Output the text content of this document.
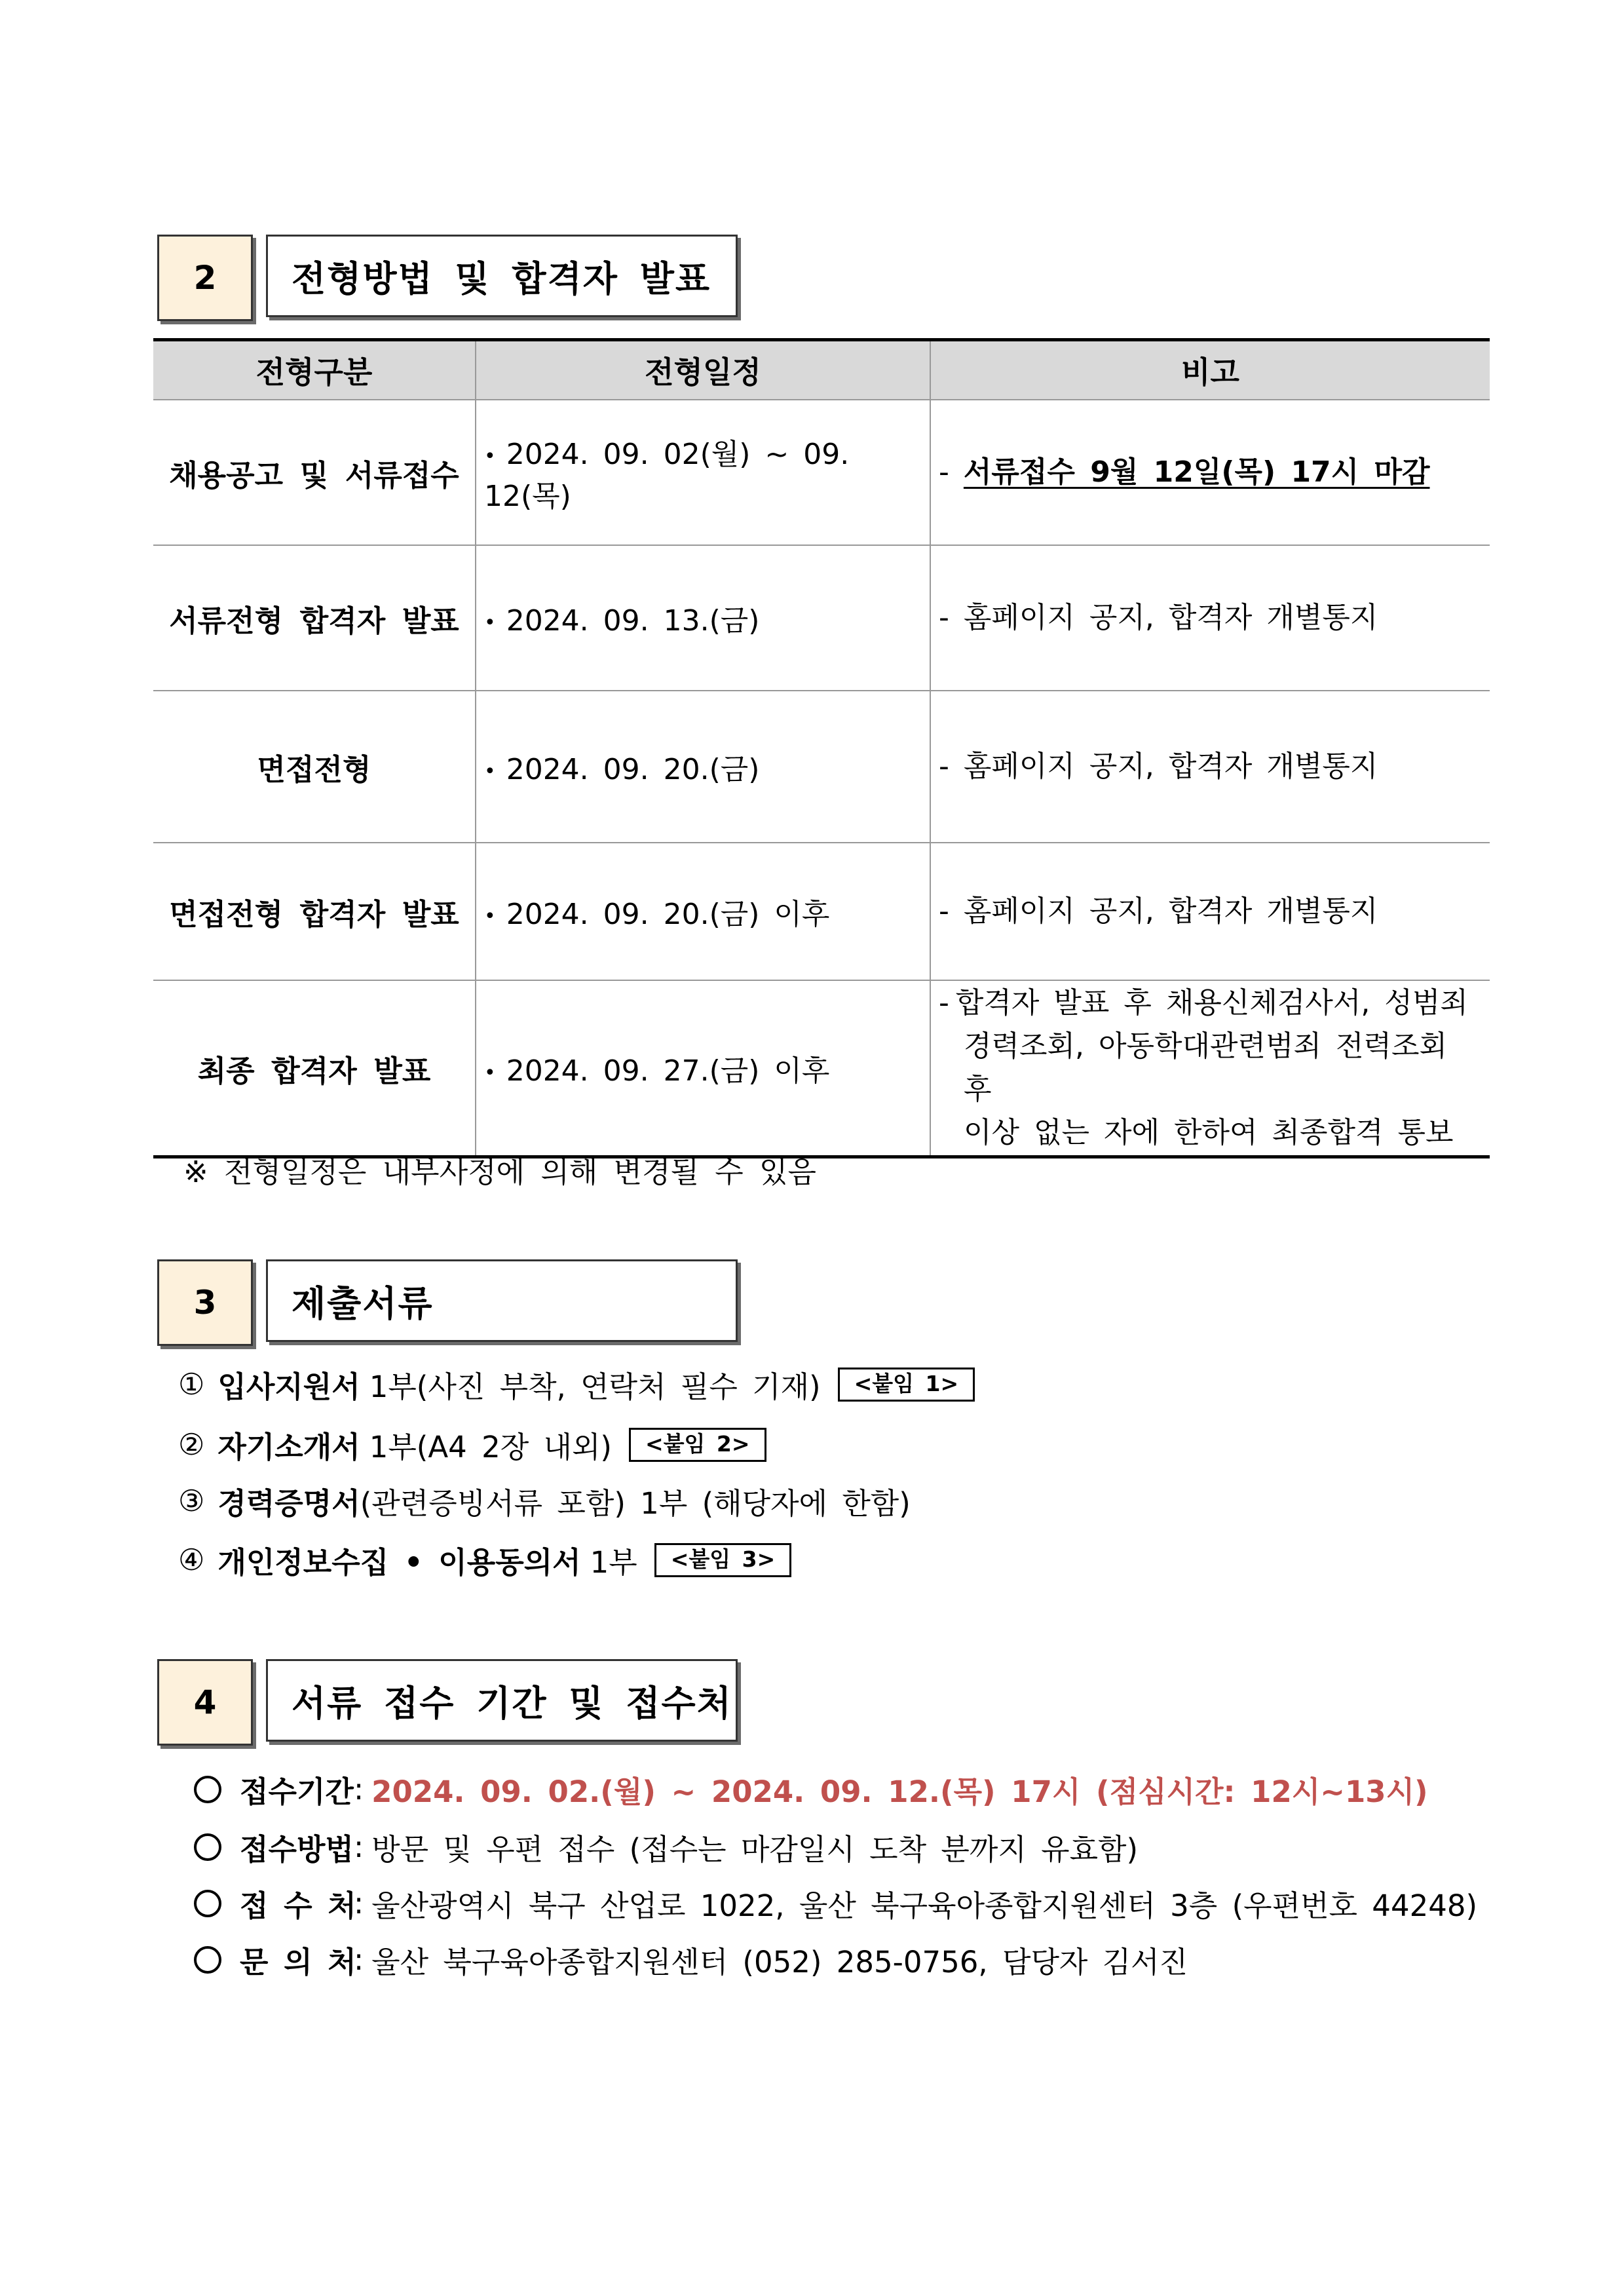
2	전형방법 및 합격자 발표
전형구분	전형일정	비고
채용공고 및 서류접수	• 2024. 09. 02(월) ~ 09. 12(목)	- 서류접수 9월 12일(목) 17시 마감
서류전형 합격자 발표	• 2024. 09. 13.(금)	- 홈페이지 공지, 합격자 개별통지
면접전형	• 2024. 09. 20.(금)	- 홈페이지 공지, 합격자 개별통지
면접전형 합격자 발표	• 2024. 09. 20.(금) 이후	- 홈페이지 공지, 합격자 개별통지
최종 합격자 발표	• 2024. 09. 27.(금) 이후	- 합격자 발표 후 채용신체검사서, 성범죄
경력조회, 아동학대관련범죄 전력조회 후
이상 없는 자에 한하여 최종합격 통보
※ 전형일정은 내부사정에 의해 변경될 수 있음
3	제출서류
① 입사지원서 1부(사진 부착, 연락처 필수 기재)	<붙임 1>
② 자기소개서 1부(A4 2장 내외)	<붙임 2>
③ 경력증명서 (관련증빙서류 포함) 1부 (해당자에 한함)
④ 개인정보수집 • 이용동의서 1부	<붙임 3>
4	서류 접수 기간 및 접수처
접수기간 : 2024. 09. 02.(월) ~ 2024. 09. 12.(목) 17시 (점심시간: 12시~13시)
접수방법 : 방문 및 우편 접수 (접수는 마감일시 도착 분까지 유효함)
접 수 처
: 울산광역시 북구 산업로 1022, 울산 북구육아종합지원센터 3층 (우편번호 44248)
문 의 처
: 울산 북구육아종합지원센터 (052) 285-0756, 담당자 김서진
